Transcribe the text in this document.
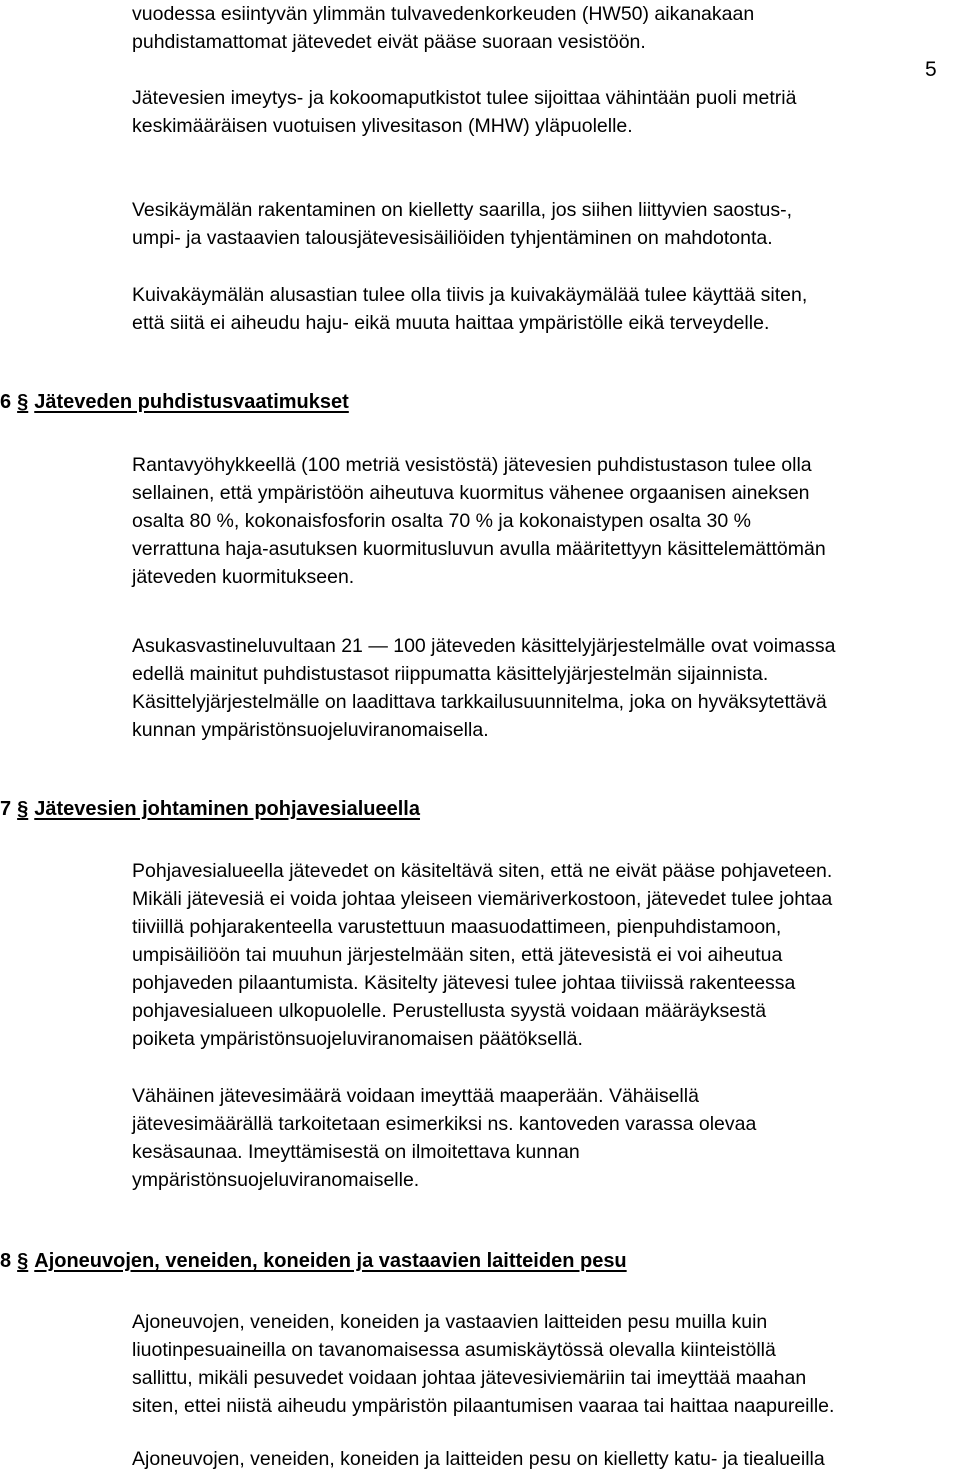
5
vuodessa esiintyvän ylimmän tulvavedenkorkeuden (HW50) aikanakaan
puhdistamattomat jätevedet eivät pääse suoraan vesistöön.
Jätevesien imeytys- ja kokoomaputkistot tulee sijoittaa vähintään puoli metriä
keskimääräisen vuotuisen ylivesitason (MHW) yläpuolelle.
Vesikäymälän rakentaminen on kielletty saarilla, jos siihen liittyvien saostus-,
umpi- ja vastaavien talousjätevesisäiliöiden tyhjentäminen on mahdotonta.
Kuivakäymälän alusastian tulee olla tiivis ja kuivakäymälää tulee käyttää siten,
että siitä ei aiheudu haju- eikä muuta haittaa ympäristölle eikä terveydelle.
6 § Jäteveden puhdistusvaatimukset
Rantavyöhykkeellä (100 metriä vesistöstä) jätevesien puhdistustason tulee olla
sellainen, että ympäristöön aiheutuva kuormitus vähenee orgaanisen aineksen
osalta 80 %, kokonaisfosforin osalta 70 % ja kokonaistypen osalta 30 %
verrattuna haja-asutuksen kuormitusluvun avulla määritettyyn käsittelemättömän
jäteveden kuormitukseen.
Asukasvastineluvultaan 21 — 100 jäteveden käsittelyjärjestelmälle ovat voimassa
edellä mainitut puhdistustasot riippumatta käsittelyjärjestelmän sijainnista.
Käsittelyjärjestelmälle on laadittava tarkkailusuunnitelma, joka on hyväksytettävä
kunnan ympäristönsuojeluviranomaisella.
7 § Jätevesien johtaminen pohjavesialueella
Pohjavesialueella jätevedet on käsiteltävä siten, että ne eivät pääse pohjaveteen.
Mikäli jätevesiä ei voida johtaa yleiseen viemäriverkostoon, jätevedet tulee johtaa
tiiviillä pohjarakenteella varustettuun maasuodattimeen, pienpuhdistamoon,
umpisäiliöön tai muuhun järjestelmään siten, että jätevesistä ei voi aiheutua
pohjaveden pilaantumista. Käsitelty jätevesi tulee johtaa tiiviissä rakenteessa
pohjavesialueen ulkopuolelle. Perustellusta syystä voidaan määräyksestä
poiketa ympäristönsuojeluviranomaisen päätöksellä.
Vähäinen jätevesimäärä voidaan imeyttää maaperään. Vähäisellä
jätevesimäärällä tarkoitetaan esimerkiksi ns. kantoveden varassa olevaa
kesäsaunaa. Imeyttämisestä on ilmoitettava kunnan
ympäristönsuojeluviranomaiselle.
8 § Ajoneuvojen, veneiden, koneiden ja vastaavien laitteiden pesu
Ajoneuvojen, veneiden, koneiden ja vastaavien laitteiden pesu muilla kuin
liuotinpesuaineilla on tavanomaisessa asumiskäytössä olevalla kiinteistöllä
sallittu, mikäli pesuvedet voidaan johtaa jätevesiviemäriin tai imeyttää maahan
siten, ettei niistä aiheudu ympäristön pilaantumisen vaaraa tai haittaa naapureille.
Ajoneuvojen, veneiden, koneiden ja laitteiden pesu on kielletty katu- ja tiealueilla
